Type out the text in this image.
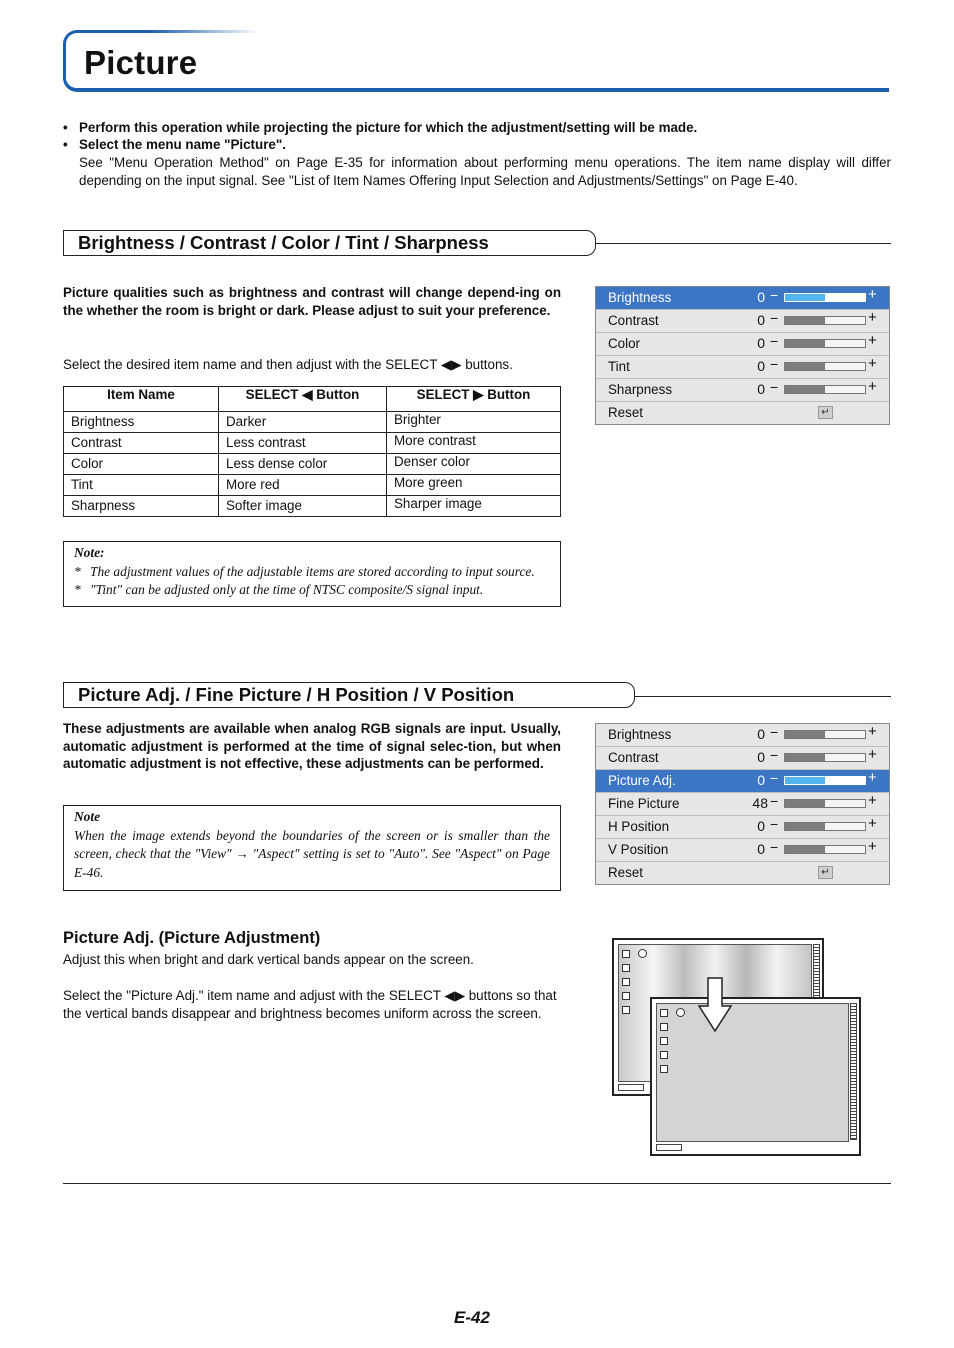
Picture
• Perform this operation while projecting the picture for which the adjustment/setting will be made.
• Select the menu name "Picture".
See "Menu Operation Method" on Page E-35 for information about performing menu operations. The item name display will differ depending on the input signal. See "List of Item Names Offering Input Selection and Adjustments/Settings" on Page E-40.
Brightness / Contrast / Color / Tint / Sharpness
Picture qualities such as brightness and contrast will change depend-ing on the whether the room is bright or dark. Please adjust to suit your preference.
Select the desired item name and then adjust with the SELECT ◀▶ buttons.
Item Name	SELECT ◀ Button	SELECT ▶ Button
Brightness	Darker	Brighter
Contrast	Less contrast	More contrast
Color	Less dense color	Denser color
Tint	More red	More green
Sharpness	Softer image	Sharper image
Note:
* The adjustment values of the adjustable items are stored according to input source.
* "Tint" can be adjusted only at the time of NTSC composite/S signal input.
Brightness	0 −	+
Contrast	0 −	+
Color	0 −	+
Tint	0 −	+
Sharpness	0 −	+
Reset	↵
Picture Adj. / Fine Picture / H Position / V Position
These adjustments are available when analog RGB signals are input. Usually, automatic adjustment is performed at the time of signal selec-tion, but when automatic adjustment is not effective, these adjustments can be performed.
Note
When the image extends beyond the boundaries of the screen or is smaller than the screen, check that the "View" → "Aspect" setting is set to "Auto". See "Aspect" on Page E-46.
Brightness	0 −	+
Contrast	0 −	+
Picture Adj.	0 −	+
Fine Picture	48 −	+
H Position	0 −	+
V Position	0 −	+
Reset	↵
Picture Adj. (Picture Adjustment)
Adjust this when bright and dark vertical bands appear on the screen.
Select the "Picture Adj." item name and adjust with the SELECT ◀▶ buttons so that the vertical bands disappear and brightness becomes uniform across the screen.
E-42
